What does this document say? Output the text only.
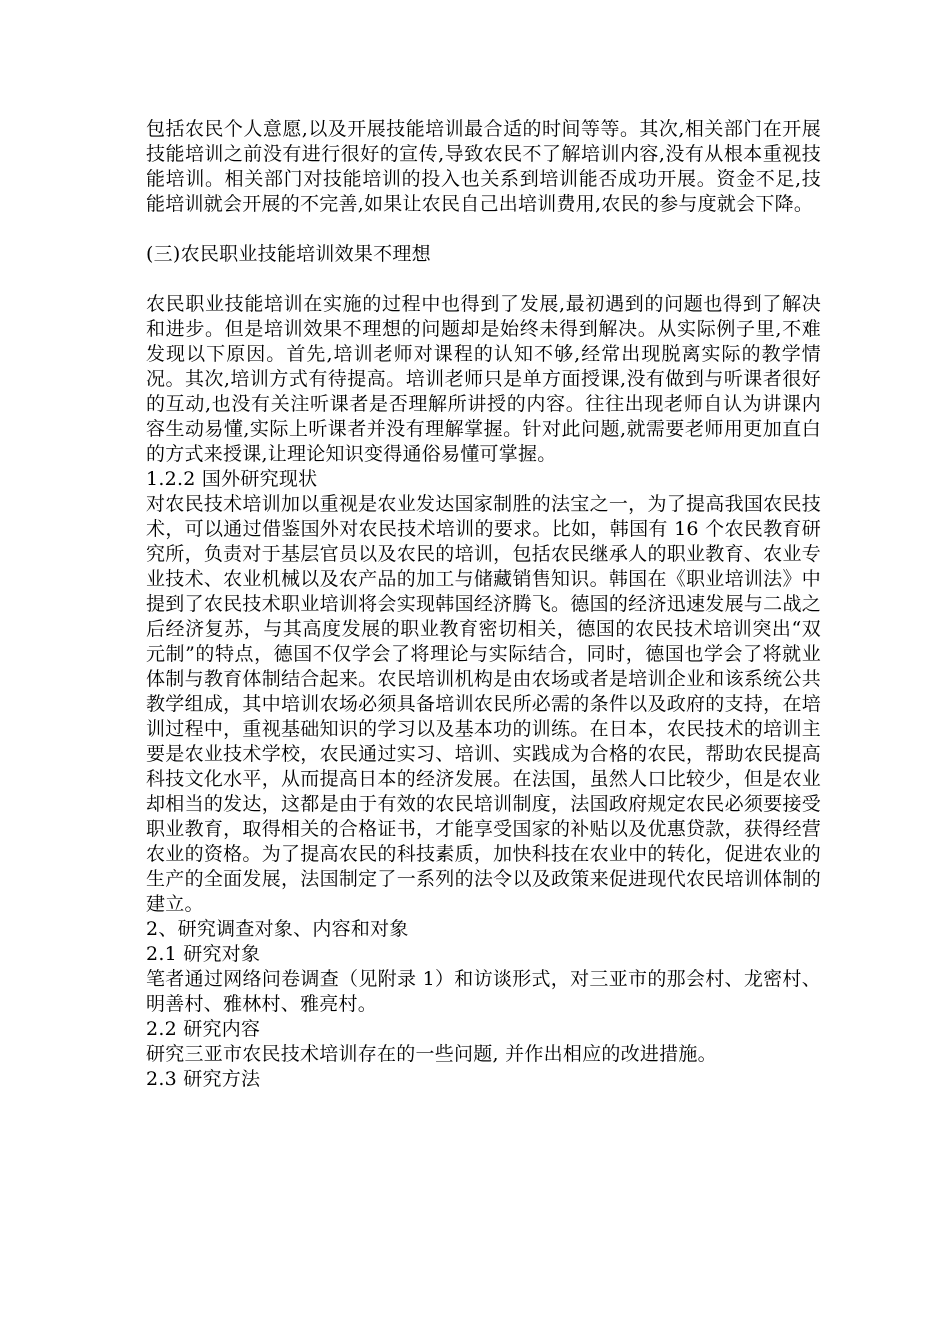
包括农民个人意愿,以及开展技能培训最合适的时间等等。其次,相关部门在开展技能培训之前没有进行很好的宣传,导致农民不了解培训内容,没有从根本重视技能培训。相关部门对技能培训的投入也关系到培训能否成功开展。资金不足,技能培训就会开展的不完善,如果让农民自己出培训费用,农民的参与度就会下降。

(三)农民职业技能培训效果不理想

农民职业技能培训在实施的过程中也得到了发展,最初遇到的问题也得到了解决和进步。但是培训效果不理想的问题却是始终未得到解决。从实际例子里,不难发现以下原因。首先,培训老师对课程的认知不够,经常出现脱离实际的教学情况。其次,培训方式有待提高。培训老师只是单方面授课,没有做到与听课者很好的互动,也没有关注听课者是否理解所讲授的内容。往往出现老师自认为讲课内容生动易懂,实际上听课者并没有理解掌握。针对此问题,就需要老师用更加直白的方式来授课,让理论知识变得通俗易懂可掌握。

1.2.2 国外研究现状

对农民技术培训加以重视是农业发达国家制胜的法宝之一，为了提高我国农民技术，可以通过借鉴国外对农民技术培训的要求。比如，韩国有 16 个农民教育研究所，负责对于基层官员以及农民的培训，包括农民继承人的职业教育、农业专业技术、农业机械以及农产品的加工与储藏销售知识。韩国在《职业培训法》中提到了农民技术职业培训将会实现韩国经济腾飞。德国的经济迅速发展与二战之后经济复苏，与其高度发展的职业教育密切相关，德国的农民技术培训突出“双元制”的特点，德国不仅学会了将理论与实际结合，同时，德国也学会了将就业体制与教育体制结合起来。农民培训机构是由农场或者是培训企业和该系统公共教学组成，其中培训农场必须具备培训农民所必需的条件以及政府的支持，在培训过程中，重视基础知识的学习以及基本功的训练。在日本，农民技术的培训主要是农业技术学校，农民通过实习、培训、实践成为合格的农民，帮助农民提高科技文化水平，从而提高日本的经济发展。在法国，虽然人口比较少，但是农业却相当的发达，这都是由于有效的农民培训制度，法国政府规定农民必须要接受职业教育，取得相关的合格证书，才能享受国家的补贴以及优惠贷款，获得经营农业的资格。为了提高农民的科技素质，加快科技在农业中的转化，促进农业的生产的全面发展，法国制定了一系列的法令以及政策来促进现代农民培训体制的建立。

2、研究调查对象、内容和对象
2.1 研究对象

笔者通过网络问卷调查（见附录 1）和访谈形式，对三亚市的那会村、龙密村、明善村、雅林村、雅亮村。

2.2 研究内容

研究三亚市农民技术培训存在的一些问题, 并作出相应的改进措施。

2.3 研究方法
